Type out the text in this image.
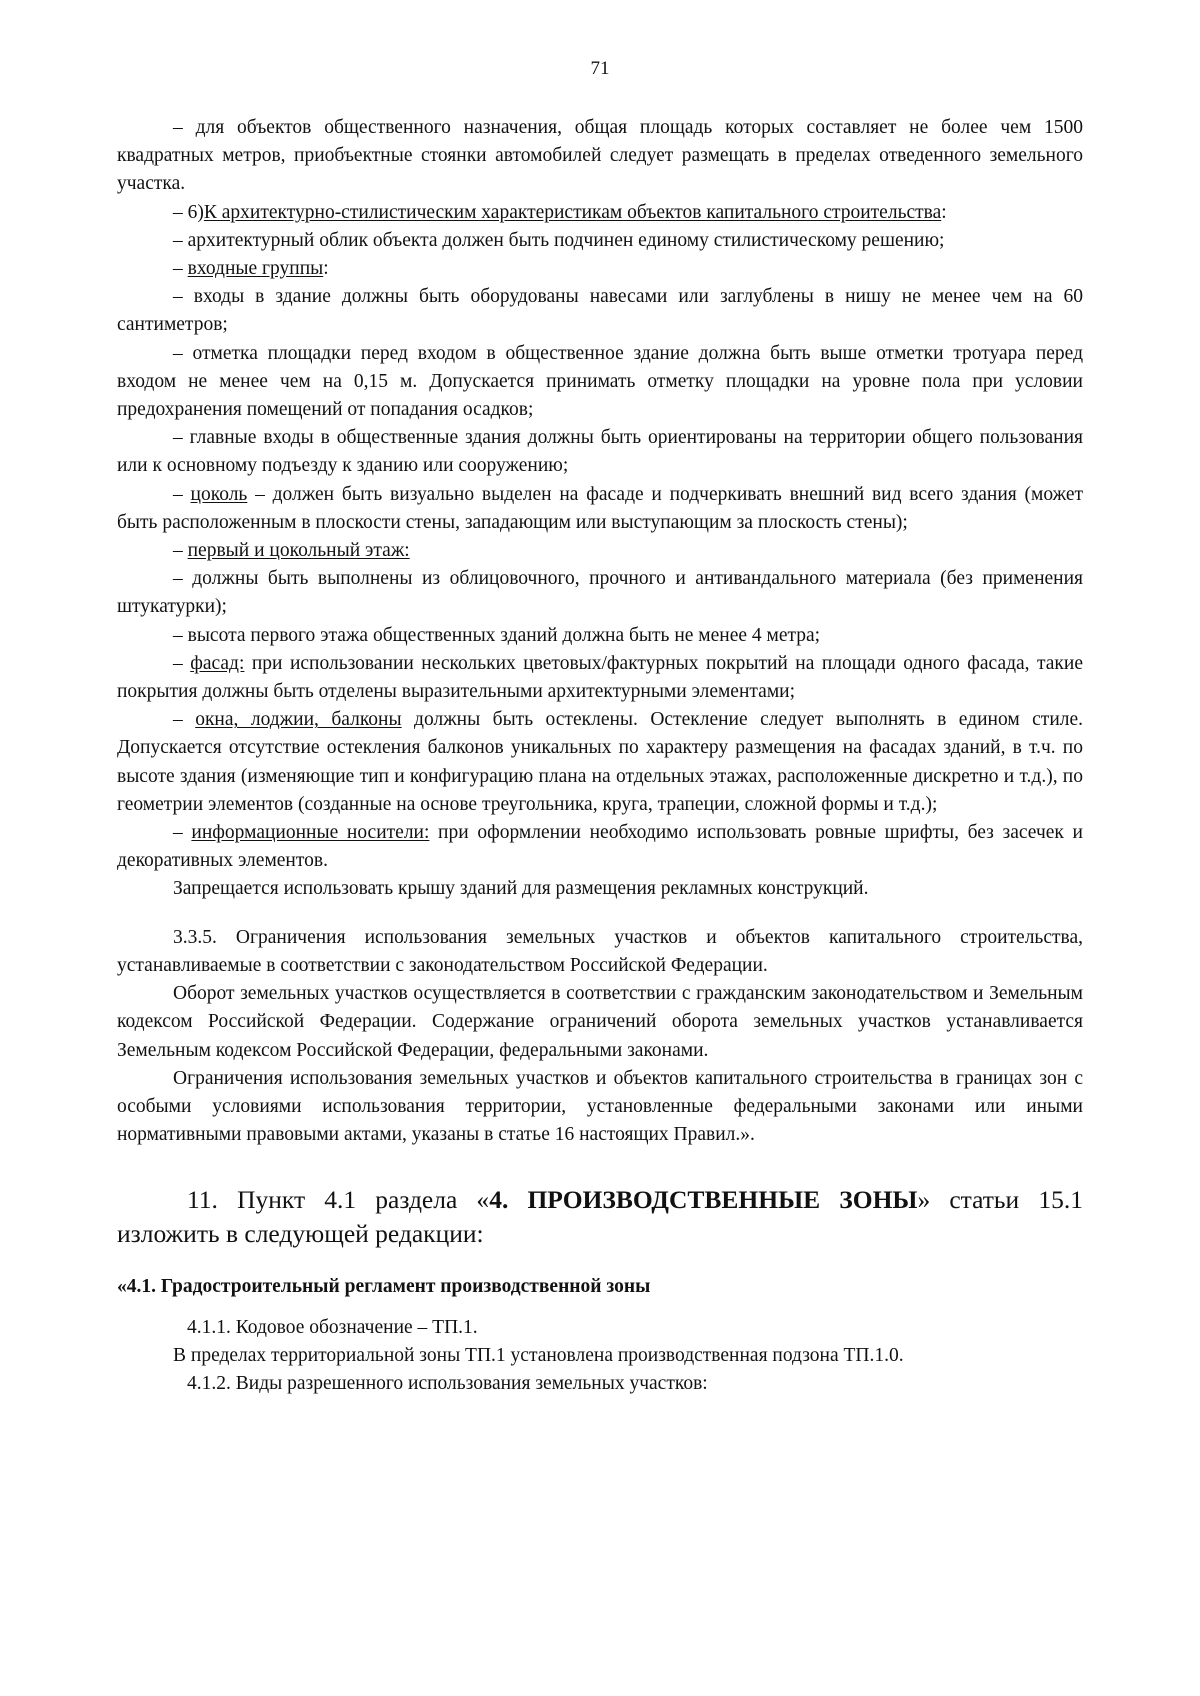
71

– для объектов общественного назначения, общая площадь которых составляет не более чем 1500 квадратных метров, приобъектные стоянки автомобилей следует размещать в пределах отведенного земельного участка.

– 6)К архитектурно-стилистическим характеристикам объектов капитального строительства:

– архитектурный облик объекта должен быть подчинен единому стилистическому решению;

– входные группы:

– входы в здание должны быть оборудованы навесами или заглублены в нишу не менее чем на 60 сантиметров;

– отметка площадки перед входом в общественное здание должна быть выше отметки тротуара перед входом не менее чем на 0,15 м. Допускается принимать отметку площадки на уровне пола при условии предохранения помещений от попадания осадков;

– главные входы в общественные здания должны быть ориентированы на территории общего пользования или к основному подъезду к зданию или сооружению;

– цоколь – должен быть визуально выделен на фасаде и подчеркивать внешний вид всего здания (может быть расположенным в плоскости стены, западающим или выступающим за плоскость стены);

– первый и цокольный этаж:

– должны быть выполнены из облицовочного, прочного и антивандального материала (без применения штукатурки);

– высота первого этажа общественных зданий должна быть не менее 4 метра;

– фасад: при использовании нескольких цветовых/фактурных покрытий на площади одного фасада, такие покрытия должны быть отделены выразительными архитектурными элементами;

– окна, лоджии, балконы должны быть остеклены. Остекление следует выполнять в едином стиле. Допускается отсутствие остекления балконов уникальных по характеру размещения на фасадах зданий, в т.ч. по высоте здания (изменяющие тип и конфигурацию плана на отдельных этажах, расположенные дискретно и т.д.), по геометрии элементов (созданные на основе треугольника, круга, трапеции, сложной формы и т.д.);

– информационные носители: при оформлении необходимо использовать ровные шрифты, без засечек и декоративных элементов.

Запрещается использовать крышу зданий для размещения рекламных конструкций.

3.3.5. Ограничения использования земельных участков и объектов капитального строительства, устанавливаемые в соответствии с законодательством Российской Федерации.

Оборот земельных участков осуществляется в соответствии с гражданским законодательством и Земельным кодексом Российской Федерации. Содержание ограничений оборота земельных участков устанавливается Земельным кодексом Российской Федерации, федеральными законами.

Ограничения использования земельных участков и объектов капитального строительства в границах зон с особыми условиями использования территории, установленные федеральными законами или иными нормативными правовыми актами, указаны в статье 16 настоящих Правил.».

11. Пункт 4.1 раздела «4. ПРОИЗВОДСТВЕННЫЕ ЗОНЫ» статьи 15.1 изложить в следующей редакции:

«4.1. Градостроительный регламент производственной зоны

4.1.1. Кодовое обозначение – ТП.1.

В пределах территориальной зоны ТП.1 установлена производственная подзона ТП.1.0.

4.1.2. Виды разрешенного использования земельных участков:
